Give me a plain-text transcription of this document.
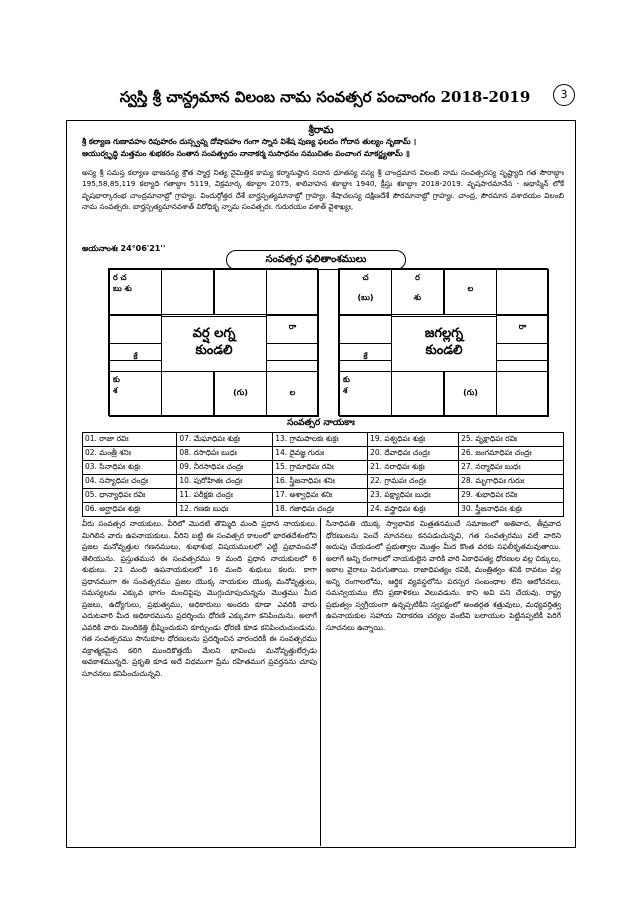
3
స్వస్తి శ్రీ చాన్ద్రమాన విలంబ నామ సంవత్సర పంచాంగం 2018-2019
శ్రీరామ
శ్రీ కల్యాణ గుణావహం రిపుహరం దుస్స్వప్న దోషాపహం గంగా స్నాన విశేష పుణ్య ఫలదం గోదాన తుల్యం నృణామ్ ।
ఆయుర్వృద్ధి మత్తమం శుభకరం సంతాన సంపత్ప్రదం నానాకర్మ సుసాధనం సముచితం పంచాంగ మాకర్ణ్యతామ్ ॥
అస్య శ్రీ సమస్త కల్యాణ భాజనస్య శ్రౌత స్మార్త నిత్య నైమిత్తిక కామ్య కర్మానుష్ఠాన సదాన ధూతస్య నస్య శ్రీ చాంద్రమాన విలంబి నామ సంవత్సరస్య సృష్ట్యాది గత సౌరాబ్దాః 195,58,85,119 కల్యాది గతాబ్దాః 5119, విక్రమార్క శకాబ్దాః 2075, శాలివాహన శకాబ్దాః 1940, క్రీస్తు శకాబ్దాః 2018-2019. వృషపారమానేన - అథాస్మిన్ లోకే వృషభార్కారంభ చాంద్రమానాబ్దో గ్రాహ్యః. విందుర్గోత్తర దేశే బార్హస్పత్యమానాబ్దో గ్రాహ్యః. శేషాచలస్య దక్షిణదేశే సౌరమానాబ్దో గ్రాహ్యః. చాంద్ర, సౌరమాన వశాదయం విలంబి నామ సంవత్సరః. బార్హస్పత్యమానవశాత్ విరోధికృ న్నామ సంవత్సరః. గురురయం వశాత్ వైశాఖ్యః,
అయనాంశః 24°06'21''
సంవత్సర ఫలితాంశములు
ర చ
బు శు
రా
కే
కు
శ	(గు)	ల
వర్ష లగ్న
కుండలి
చ

(బు)
ర

శు
ల
రా
కే
కు
శ	(గు)
జగల్లగ్న
కుండలి
సంవత్సర నాయకాః
01. రాజా రవిః	07. మేఘాధిపః శుక్రః	13. గ్రామపాలకః శుక్రః	19. పశ్వధిపః శుక్రః	25. వృక్షాధిపః రవిః
02. మంత్రీ శనిః	08. రసాధిపః బుధః	14. దైవజ్ఞ గురుః	20. దేవాధిపః చంద్రః	26. జంగమాధిపః చంద్రః
03. సేనాధిపః శుక్రః	09. నీరసాధిపః చంద్రః	15. గ్రామాధిపః రవిః	21. నరాధిపః శుక్రః	27. నర్మాధిపః బుధః
04. సస్యాధిపః చంద్రః	10. పురోహితః చంద్రః	16. స్త్రీజనాధిపః శనిః	22. గ్రామపః చంద్రః	28. మృగాధిపః గురుః
05. ధాన్యాధిపః రవిః	11. పరీక్షకః చంద్రః	17. అశ్వాధిపః శనిః	23. పక్ష్యాధిపః బుధః	29. శుభాధిపః రవిః
06. అర్ఘాధిపః శుక్రః	12. గణకః బుధః	18. గజాధిపః చంద్రః	24. వస్త్రాధిపః శుక్రః	30. స్త్రీజనాధిపః శుక్రః
వీరు సంవత్సర నాయకులు. వీరిలో మొదటి తొమ్మిది మంది ప్రధాన నాయకులు. మిగిలిన వారు ఉపనాయకులు. వీరిని బట్టి ఈ సంవత్సర కాలంలో భారతదేశంలోని ప్రజల మనోవృత్తుల గణనములు, శుభాశుభ విషయములలో ఎట్టి ప్రభావంపనో తెలియును. ప్రస్తుతమున ఈ సంవత్సరము 9 మంది ప్రధాన నాయకులలో 6 శుభులు. 21 మంది ఉపనాయకులలో 16 మంది శుభులు కలరు. కాగా ప్రధానముగా ఈ సంవత్సరము ప్రజల యొక్క నాయకుల యొక్క మనోవృత్తులు, సమస్యలను ఎక్కువ భాగం మంచిపైపు మొగ్గుచూపుచున్నను మొత్తము మీద ప్రజలు, ఉద్యోగులు, ప్రభుత్వము, అధికారులు అందరు కూడా ఎవరికి వారు ఎదుటవారి మీద అధికారమును ప్రదర్శించు ధోరణి ఎక్కువగా కనిపించును. అలాగే ఎవరికి వారు మిందికెత్తి భీష్మించుకుని కూర్చుండు ధోరణి కూడ కనిపించుచుండును. గత సంవత్సరము సానుకూల ధోరణులను ప్రదర్శించిన వారందరికీ ఈ సంవత్సరము వక్రాత్మకమైన కలిగి ముందికొత్తయే మేలని భావించు మనోవృత్తులేర్పడు అవకాశమున్నది. ప్రకృతి కూడ అదే విధముగా ప్రేమ రహితముగ ప్రవర్తనను చూపు సూచనలు కనిపించుచున్నవి.
సేనాధిపతి యొక్క స్వాభావిక మిత్రతనముచే సమాజంలో అతివాద, తీవ్రవాద ధోరణులను పెంచే నూచనలు కనపడుచున్నవి, గత సంవత్సరము వలే వారిని అదుపు చేయడంలో ప్రభుత్వాల మొత్తం మీద కొంత వరకు సఫలీకృతమవుతాయి. అలాగే అన్ని రంగాలలో నాయకులైన వారికి వారి ఏకాధిపత్య ధోరణుల వల్ల చిక్కులు, అకాల వైరాలు పెరుగుతాయి. రాజాధిపత్యం రవికి, మంత్రిత్వం శనికి రావటం వల్ల అన్ని రంగాలలోను, ఆర్థిక వ్యవస్థలోను పరస్పర సంబంధాల లేని ఆలోచనలు, సమన్వయము లేని ప్రణాళికలు వెలువడును. కాని అవి పని చేయవు. రాష్ట్ర ప్రభుత్వం స్వగ్రీయంగా ఉన్నప్పటికీని స్వపక్షంలో అంతర్గత శత్రువులు, మధ్యవర్తిత్వ ఉపనాయకుల సహాయ నిరాకరణ చర్యల వంటివి బలాయుల పెట్టినప్పటికీ పెరిగే సూచనలు ఉన్నాయి.
